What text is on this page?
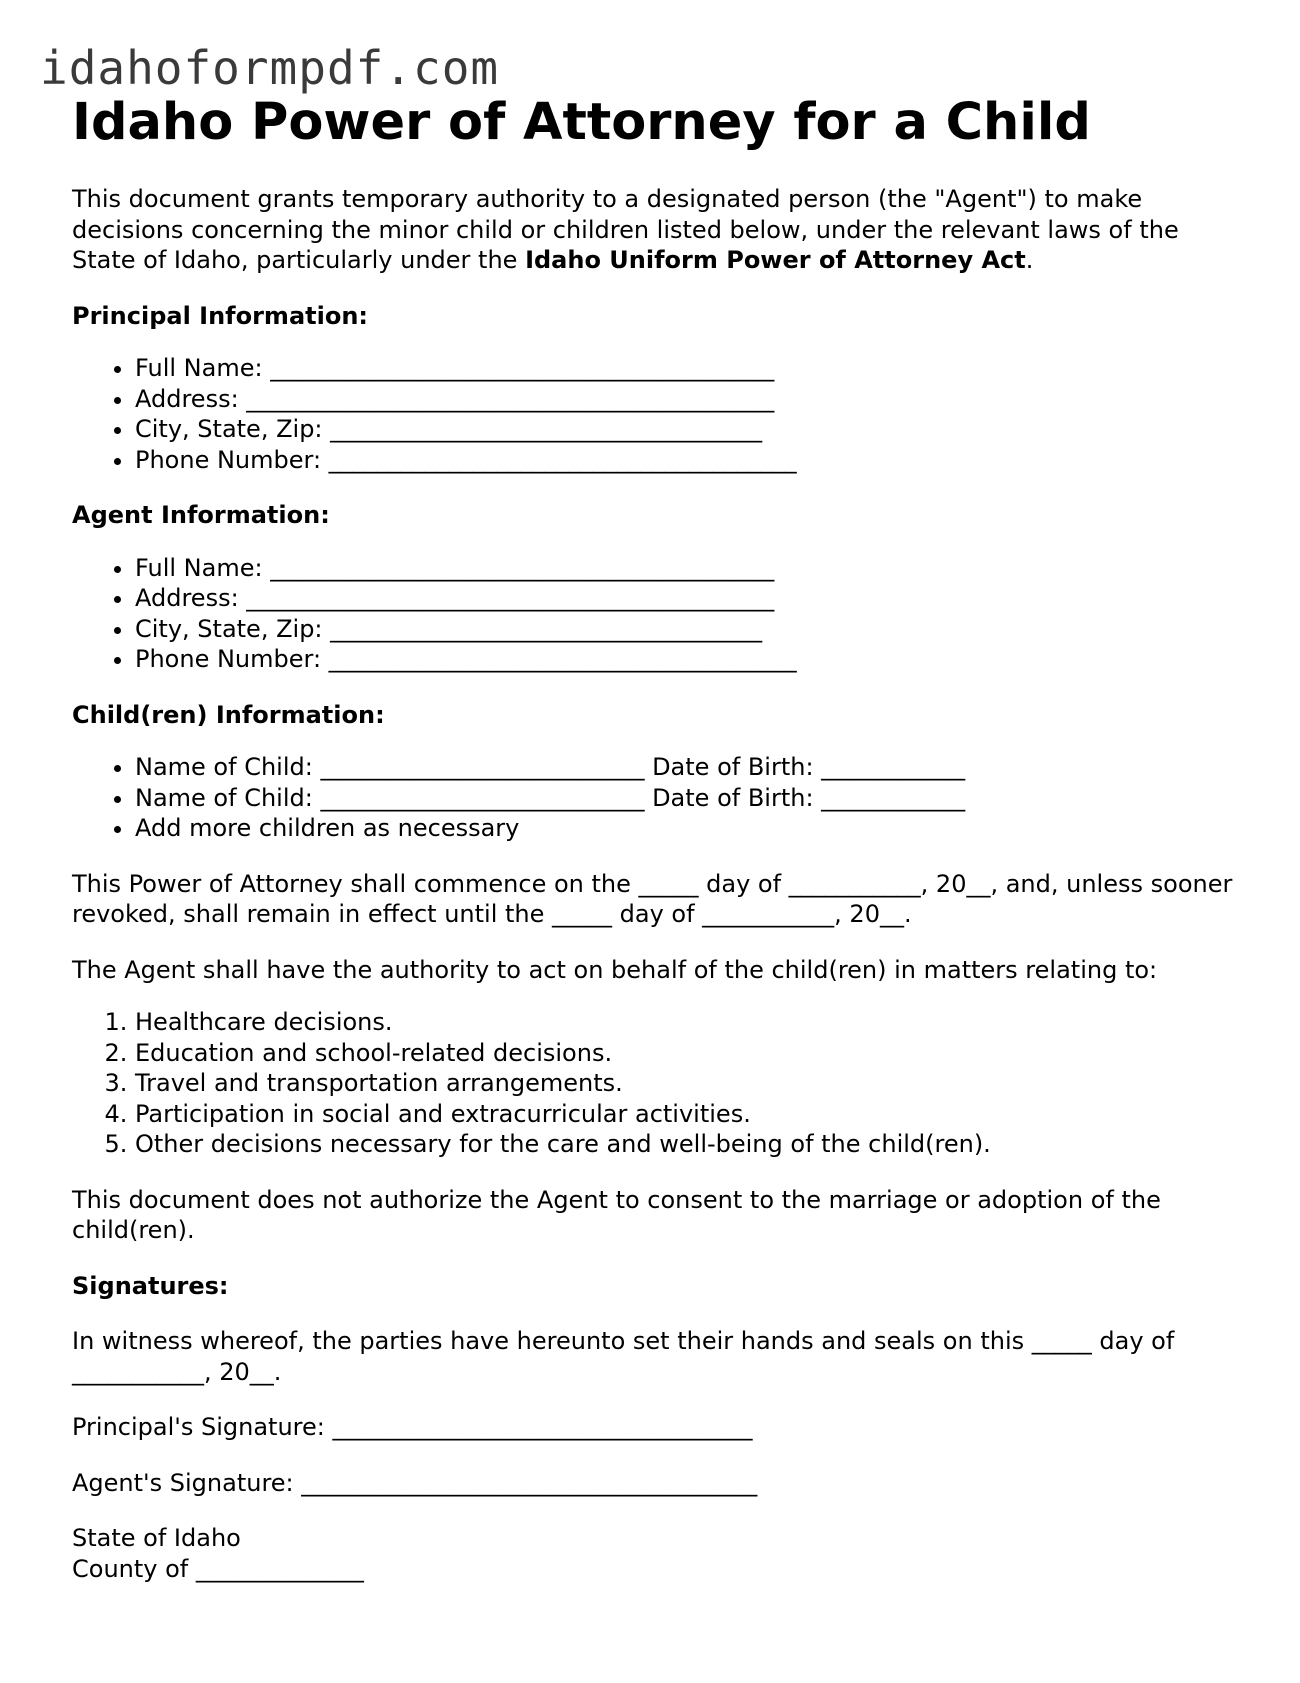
idahoformpdf.com
Idaho Power of Attorney for a Child

This document grants temporary authority to a designated person (the "Agent") to make decisions concerning the minor child or children listed below, under the relevant laws of the State of Idaho, particularly under the Idaho Uniform Power of Attorney Act.

Principal Information:

• Full Name: __________________________________________
• Address: ____________________________________________
• City, State, Zip: ____________________________________
• Phone Number: _______________________________________

Agent Information:

• Full Name: __________________________________________
• Address: ____________________________________________
• City, State, Zip: ____________________________________
• Phone Number: _______________________________________

Child(ren) Information:

• Name of Child: ___________________________ Date of Birth: ____________
• Name of Child: ___________________________ Date of Birth: ____________
• Add more children as necessary

This Power of Attorney shall commence on the _____ day of ___________, 20__, and, unless sooner revoked, shall remain in effect until the _____ day of ___________, 20__.

The Agent shall have the authority to act on behalf of the child(ren) in matters relating to:

1. Healthcare decisions.
2. Education and school-related decisions.
3. Travel and transportation arrangements.
4. Participation in social and extracurricular activities.
5. Other decisions necessary for the care and well-being of the child(ren).

This document does not authorize the Agent to consent to the marriage or adoption of the child(ren).

Signatures:

In witness whereof, the parties have hereunto set their hands and seals on this _____ day of ___________, 20__.

Principal's Signature: ___________________________________

Agent's Signature: ______________________________________

State of Idaho

County of ______________
